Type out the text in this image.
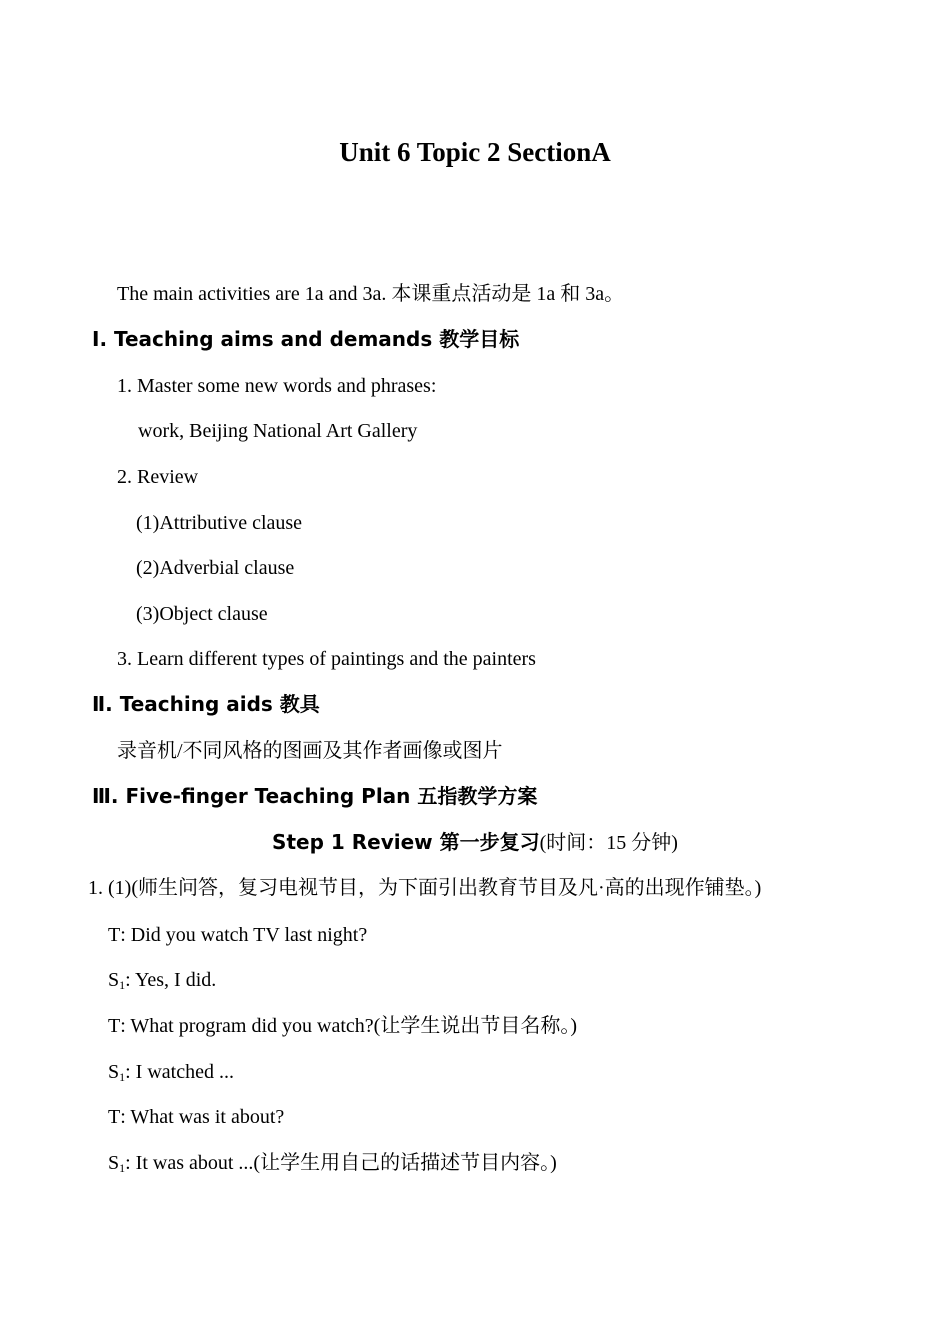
Unit 6 Topic 2 SectionA
The main activities are 1a and 3a. 本课重点活动是 1a 和 3a。
Ⅰ. Teaching aims and demands 教学目标
1. Master some new words and phrases:
work, Beijing National Art Gallery
2. Review
(1)Attributive clause
(2)Adverbial clause
(3)Object clause
3. Learn different types of paintings and the painters
Ⅱ. Teaching aids 教具
录音机/不同风格的图画及其作者画像或图片
Ⅲ. Five-finger Teaching Plan 五指教学方案
Step 1 Review 第一步复习(时间：15 分钟)
1. (1)(师生问答，复习电视节目，为下面引出教育节目及凡·高的出现作铺垫。)
T: Did you watch TV last night?
$S_1$: Yes, I did.
T: What program did you watch?(让学生说出节目名称。)
$S_1$: I watched ...
T: What was it about?
$S_1$: It was about ...(让学生用自己的话描述节目内容。)
